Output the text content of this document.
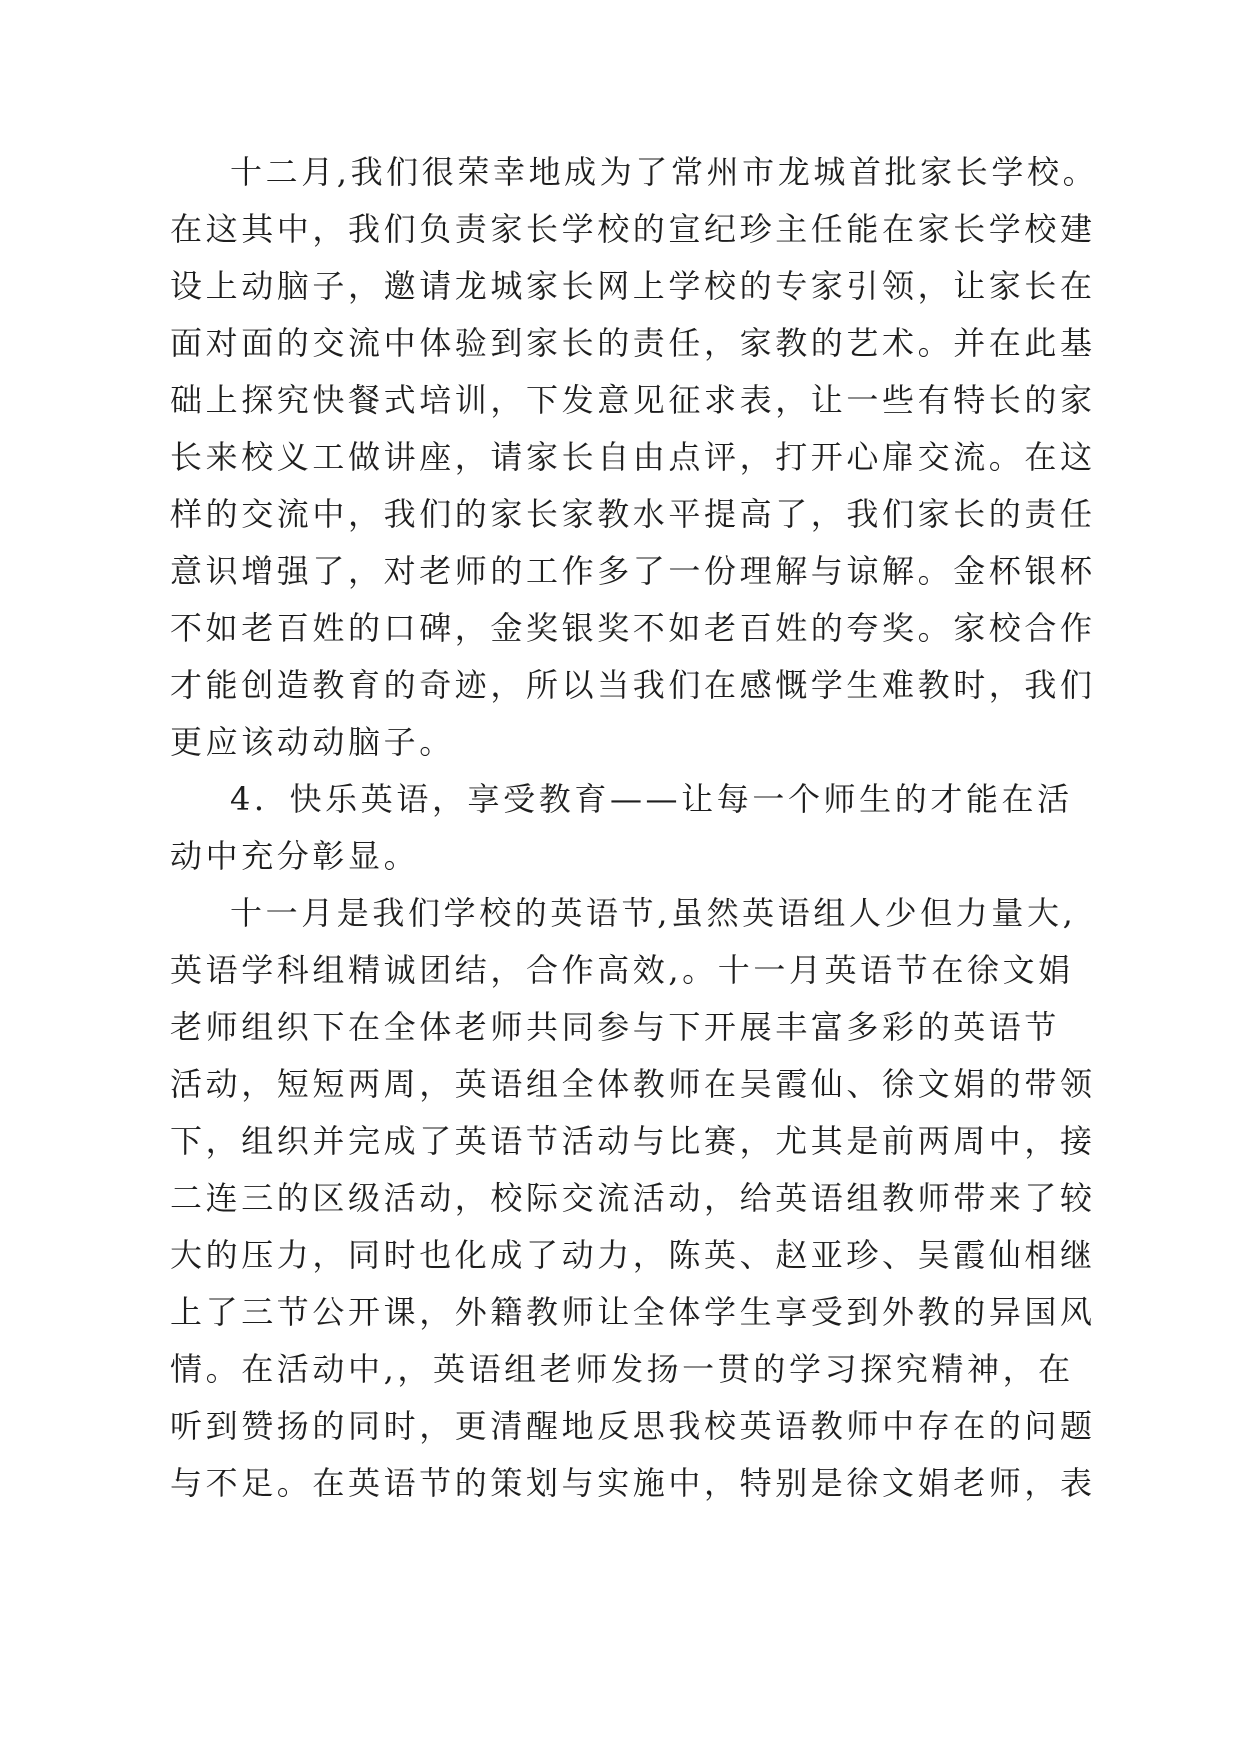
十二月,我们很荣幸地成为了常州市龙城首批家长学校。
在这其中，我们负责家长学校的宣纪珍主任能在家长学校建
设上动脑子，邀请龙城家长网上学校的专家引领，让家长在
面对面的交流中体验到家长的责任，家教的艺术。并在此基
础上探究快餐式培训，下发意见征求表，让一些有特长的家
长来校义工做讲座，请家长自由点评，打开心扉交流。在这
样的交流中，我们的家长家教水平提高了，我们家长的责任
意识增强了，对老师的工作多了一份理解与谅解。金杯银杯
不如老百姓的口碑，金奖银奖不如老百姓的夸奖。家校合作
才能创造教育的奇迹，所以当我们在感慨学生难教时，我们
更应该动动脑子。
4．快乐英语，享受教育——让每一个师生的才能在活
动中充分彰显。
十一月是我们学校的英语节,虽然英语组人少但力量大,
英语学科组精诚团结，合作高效,。十一月英语节在徐文娟
老师组织下在全体老师共同参与下开展丰富多彩的英语节
活动，短短两周，英语组全体教师在吴霞仙、徐文娟的带领
下，组织并完成了英语节活动与比赛，尤其是前两周中，接
二连三的区级活动，校际交流活动，给英语组教师带来了较
大的压力，同时也化成了动力，陈英、赵亚珍、吴霞仙相继
上了三节公开课，外籍教师让全体学生享受到外教的异国风
情。在活动中,，英语组老师发扬一贯的学习探究精神，在
听到赞扬的同时，更清醒地反思我校英语教师中存在的问题
与不足。在英语节的策划与实施中，特别是徐文娟老师，表
